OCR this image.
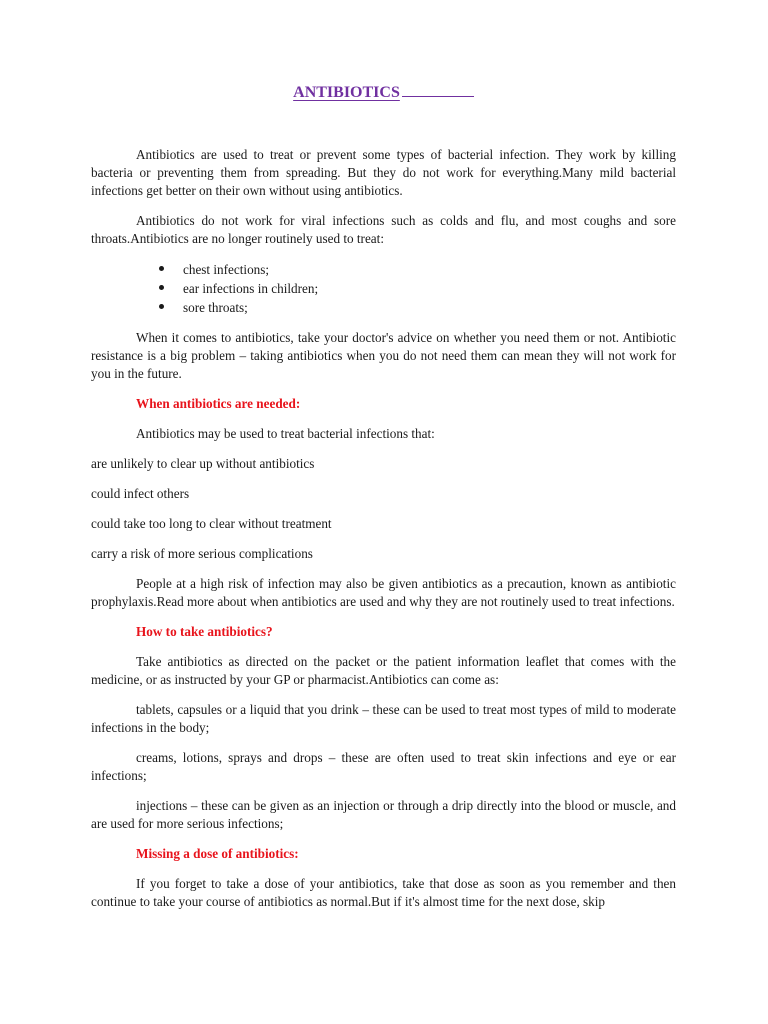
ANTIBIOTICS

Antibiotics are used to treat or prevent some types of bacterial infection. They work by killing bacteria or preventing them from spreading. But they do not work for everything.Many mild bacterial infections get better on their own without using antibiotics.

Antibiotics do not work for viral infections such as colds and flu, and most coughs and sore throats.Antibiotics are no longer routinely used to treat:

chest infections;
ear infections in children;
sore throats;

When it comes to antibiotics, take your doctor's advice on whether you need them or not. Antibiotic resistance is a big problem – taking antibiotics when you do not need them can mean they will not work for you in the future.

When antibiotics are needed:

Antibiotics may be used to treat bacterial infections that:

are unlikely to clear up without antibiotics

could infect others

could take too long to clear without treatment

carry a risk of more serious complications

People at a high risk of infection may also be given antibiotics as a precaution, known as antibiotic prophylaxis.Read more about when antibiotics are used and why they are not routinely used to treat infections.

How to take antibiotics?

Take antibiotics as directed on the packet or the patient information leaflet that comes with the medicine, or as instructed by your GP or pharmacist.Antibiotics can come as:

tablets, capsules or a liquid that you drink – these can be used to treat most types of mild to moderate infections in the body;

creams, lotions, sprays and drops – these are often used to treat skin infections and eye or ear infections;

injections – these can be given as an injection or through a drip directly into the blood or muscle, and are used for more serious infections;

Missing a dose of antibiotics:

If you forget to take a dose of your antibiotics, take that dose as soon as you remember and then continue to take your course of antibiotics as normal.But if it's almost time for the next dose, skip
